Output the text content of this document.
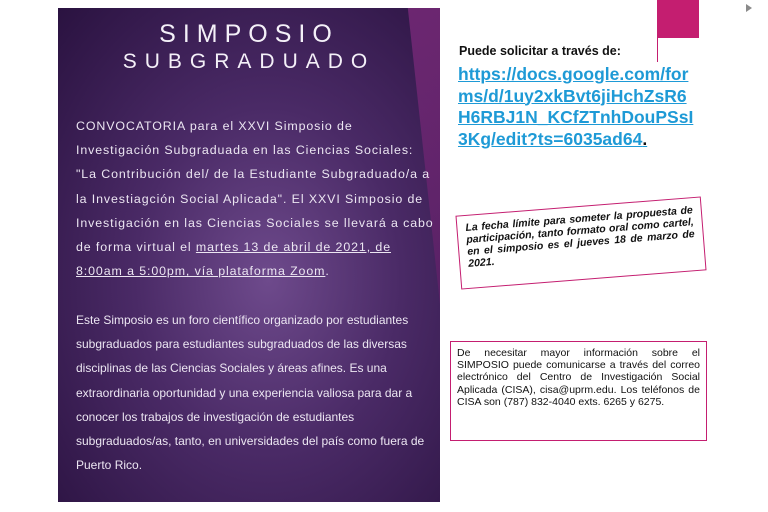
SIMPOSIO
SUBGRADUADO
CONVOCATORIA para el XXVI Simposio de Investigación Subgraduada en las Ciencias Sociales: "La Contribución del/ de la Estudiante Subgraduado/a a la Investiagción Social Aplicada". El XXVI Simposio de Investigación en las Ciencias Sociales se llevará a cabo de forma virtual el martes 13 de abril de 2021, de 8:00am a 5:00pm, vía plataforma Zoom.
Este Simposio es un foro científico organizado por estudiantes subgraduados para estudiantes subgraduados de las diversas disciplinas de las Ciencias Sociales y áreas afines. Es una extraordinaria oportunidad y una experiencia valiosa para dar a conocer los trabajos de investigación de estudiantes subgraduados/as, tanto, en universidades del país como fuera de Puerto Rico.
Puede solicitar a través de:
https://docs.google.com/forms/d/1uy2xkBvt6jiHchZsR6H6RBJ1N_KCfZTnhDouPSsI3Kg/edit?ts=6035ad64.
La fecha límite para someter la propuesta de participación, tanto formato oral como cartel, en el simposio es el jueves 18 de marzo de 2021.
De necesitar mayor información sobre el SIMPOSIO puede comunicarse a través del correo electrónico del Centro de Investigación Social Aplicada (CISA), cisa@uprm.edu. Los teléfonos de CISA son (787) 832-4040 exts. 6265 y 6275.
